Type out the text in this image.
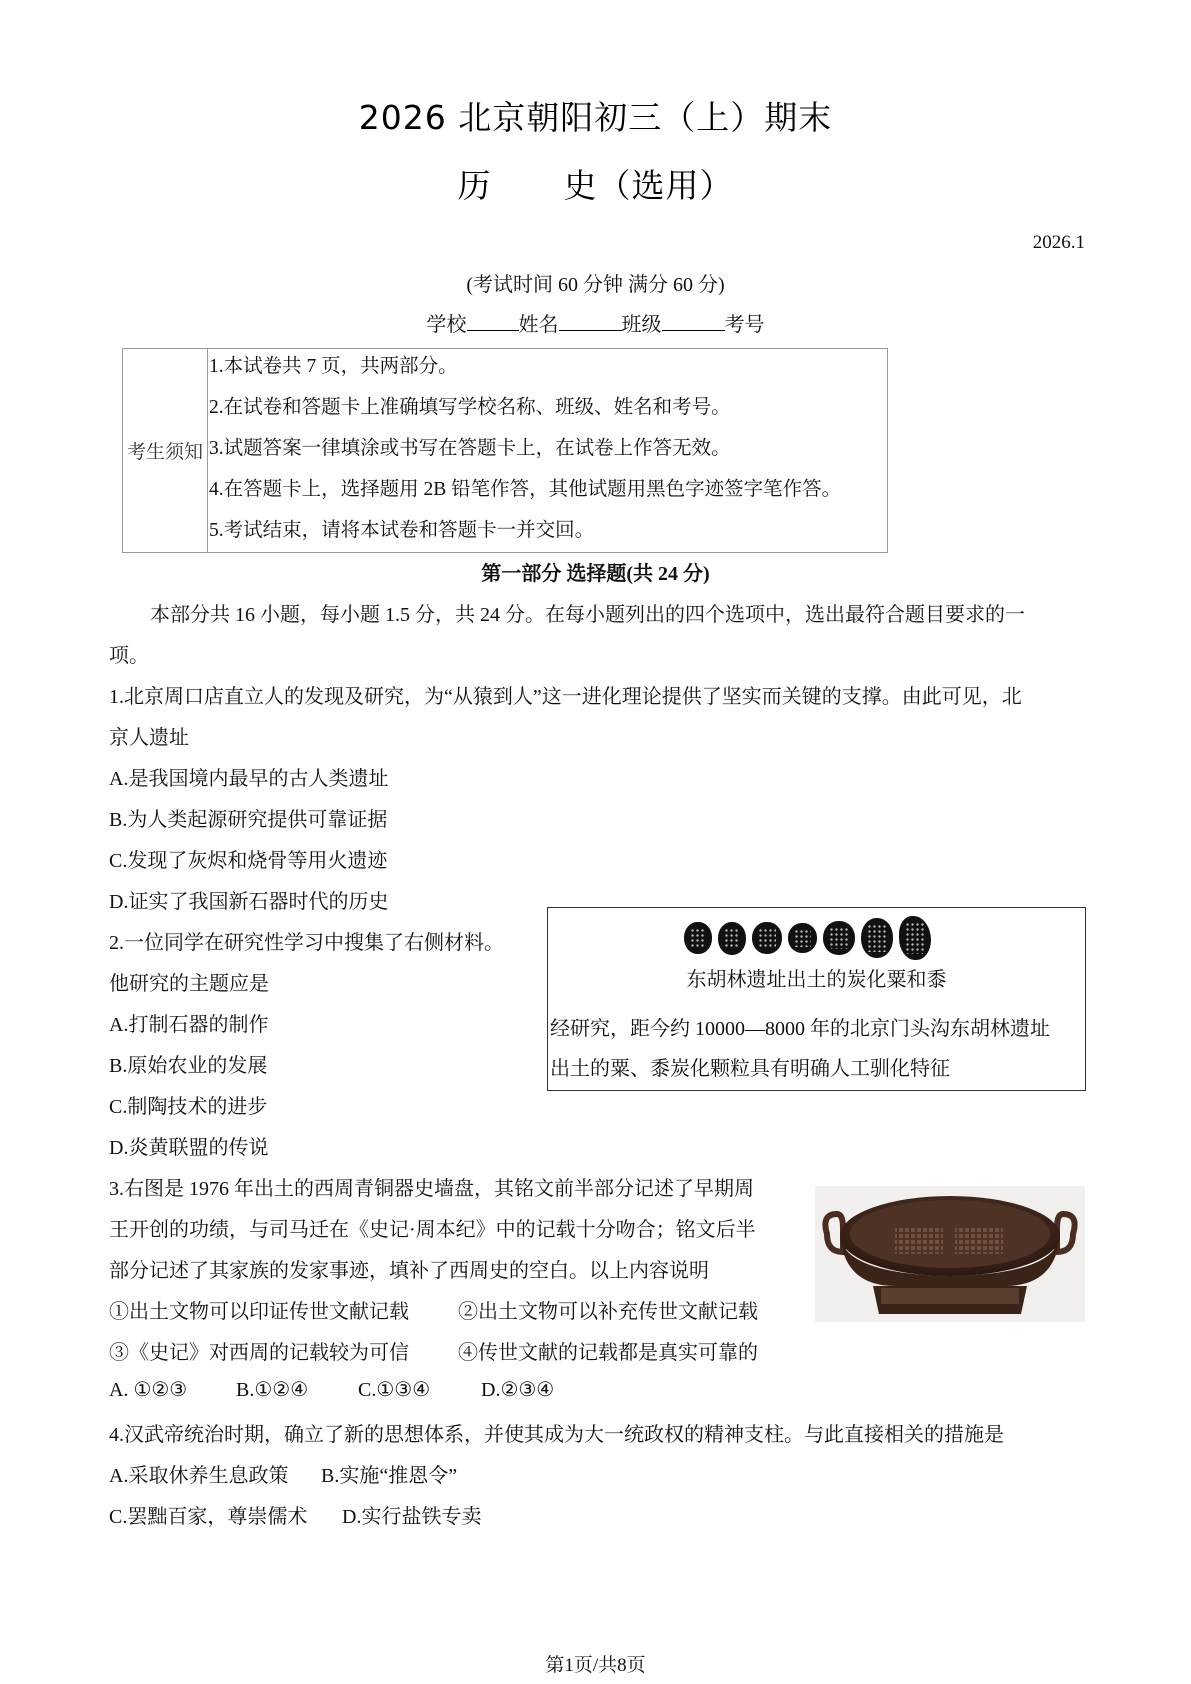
2026 北京朝阳初三（上）期末
历 史（选用）
2026.1
(考试时间 60 分钟 满分 60 分)
学校	姓名	班级	考号
考生须知
1.本试卷共 7 页，共两部分。
2.在试卷和答题卡上准确填写学校名称、班级、姓名和考号。
3.试题答案一律填涂或书写在答题卡上，在试卷上作答无效。
4.在答题卡上，选择题用 2B 铅笔作答，其他试题用黑色字迹签字笔作答。
5.考试结束，请将本试卷和答题卡一并交回。
第一部分 选择题(共 24 分)
本部分共 16 小题，每小题 1.5 分，共 24 分。在每小题列出的四个选项中，选出最符合题目要求的一
项。
1.北京周口店直立人的发现及研究，为“从猿到人”这一进化理论提供了坚实而关键的支撑。由此可见，北
京人遗址
A.是我国境内最早的古人类遗址
B.为人类起源研究提供可靠证据
C.发现了灰烬和烧骨等用火遗迹
D.证实了我国新石器时代的历史
2.一位同学在研究性学习中搜集了右侧材料。
他研究的主题应是
A.打制石器的制作
B.原始农业的发展
C.制陶技术的进步
D.炎黄联盟的传说
东胡林遗址出土的炭化粟和黍
经研究，距今约 10000—8000 年的北京门头沟东胡林遗址
出土的粟、黍炭化颗粒具有明确人工驯化特征
3.右图是 1976 年出土的西周青铜器史墙盘，其铭文前半部分记述了早期周
王开创的功绩，与司马迁在《史记·周本纪》中的记载十分吻合；铭文后半
部分记述了其家族的发家事迹，填补了西周史的空白。以上内容说明
①出土文物可以印证传世文献记载 ②出土文物可以补充传世文献记载
③《史记》对西周的记载较为可信 ④传世文献的记载都是真实可靠的
A. ①②③ B.①②④ C.①③④	D.②③④
4.汉武帝统治时期，确立了新的思想体系，并使其成为大一统政权的精神支柱。与此直接相关的措施是
A.采取休养生息政策 B.实施“推恩令”
C.罢黜百家，尊崇儒术 D.实行盐铁专卖
第1页/共8页
